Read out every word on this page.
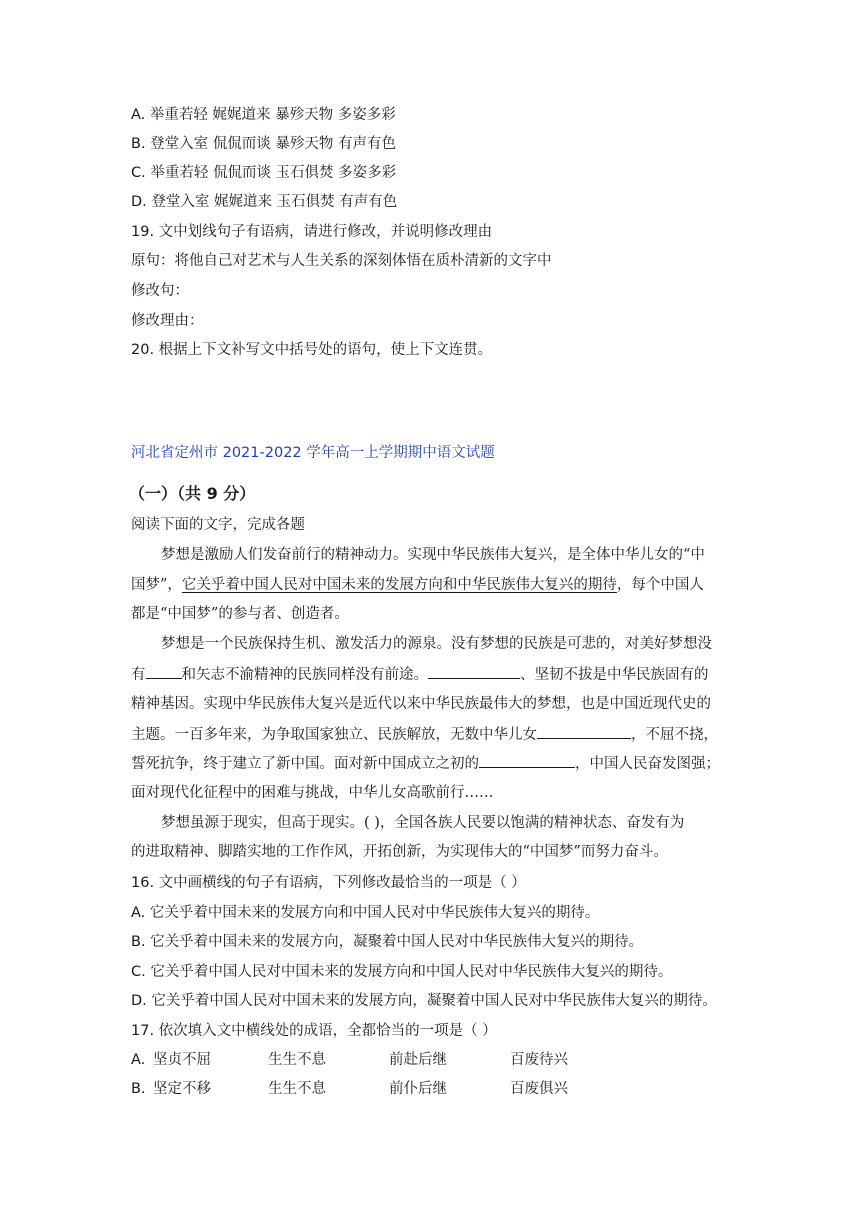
A. 举重若轻 娓娓道来 暴殄天物 多姿多彩
B. 登堂入室 侃侃而谈 暴殄天物 有声有色
C. 举重若轻 侃侃而谈 玉石俱焚 多姿多彩
D. 登堂入室 娓娓道来 玉石俱焚 有声有色
19. 文中划线句子有语病，请进行修改，并说明修改理由
原句：将他自己对艺术与人生关系的深刻体悟在质朴清新的文字中
修改句：
修改理由：
20. 根据上下文补写文中括号处的语句，使上下文连贯。
河北省定州市 2021-2022 学年高一上学期期中语文试题
（一）（共 9 分）
阅读下面的文字，完成各题
梦想是激励人们发奋前行的精神动力。实现中华民族伟大复兴，是全体中华儿女的“中
国梦”，它关乎着中国人民对中国未来的发展方向和中华民族伟大复兴的期待，每个中国人
都是“中国梦”的参与者、创造者。
梦想是一个民族保持生机、激发活力的源泉。没有梦想的民族是可悲的，对美好梦想没
有 和矢志不渝精神的民族同样没有前途。	、坚韧不拔是中华民族固有的
精神基因。实现中华民族伟大复兴是近代以来中华民族最伟大的梦想，也是中国近现代史的
主题。一百多年来，为争取国家独立、民族解放，无数中华儿女	，不屈不挠，
誓死抗争，终于建立了新中国。面对新中国成立之初的	，中国人民奋发图强；
面对现代化征程中的困难与挑战，中华儿女高歌前行……
梦想虽源于现实，但高于现实。( )，全国各族人民要以饱满的精神状态、奋发有为
的进取精神、脚踏实地的工作作风，开拓创新，为实现伟大的“中国梦”而努力奋斗。
16. 文中画横线的句子有语病，下列修改最恰当的一项是（ ）
A. 它关乎着中国未来的发展方向和中国人民对中华民族伟大复兴的期待。
B. 它关乎着中国未来的发展方向，凝聚着中国人民对中华民族伟大复兴的期待。
C. 它关乎着中国人民对中国未来的发展方向和中国人民对中华民族伟大复兴的期待。
D. 它关乎着中国人民对中国未来的发展方向，凝聚着中国人民对中华民族伟大复兴的期待。
17. 依次填入文中横线处的成语，全都恰当的一项是（ ）
A. 坚贞不屈	生生不息	前赴后继	百废待兴
B. 坚定不移	生生不息	前仆后继	百废俱兴
